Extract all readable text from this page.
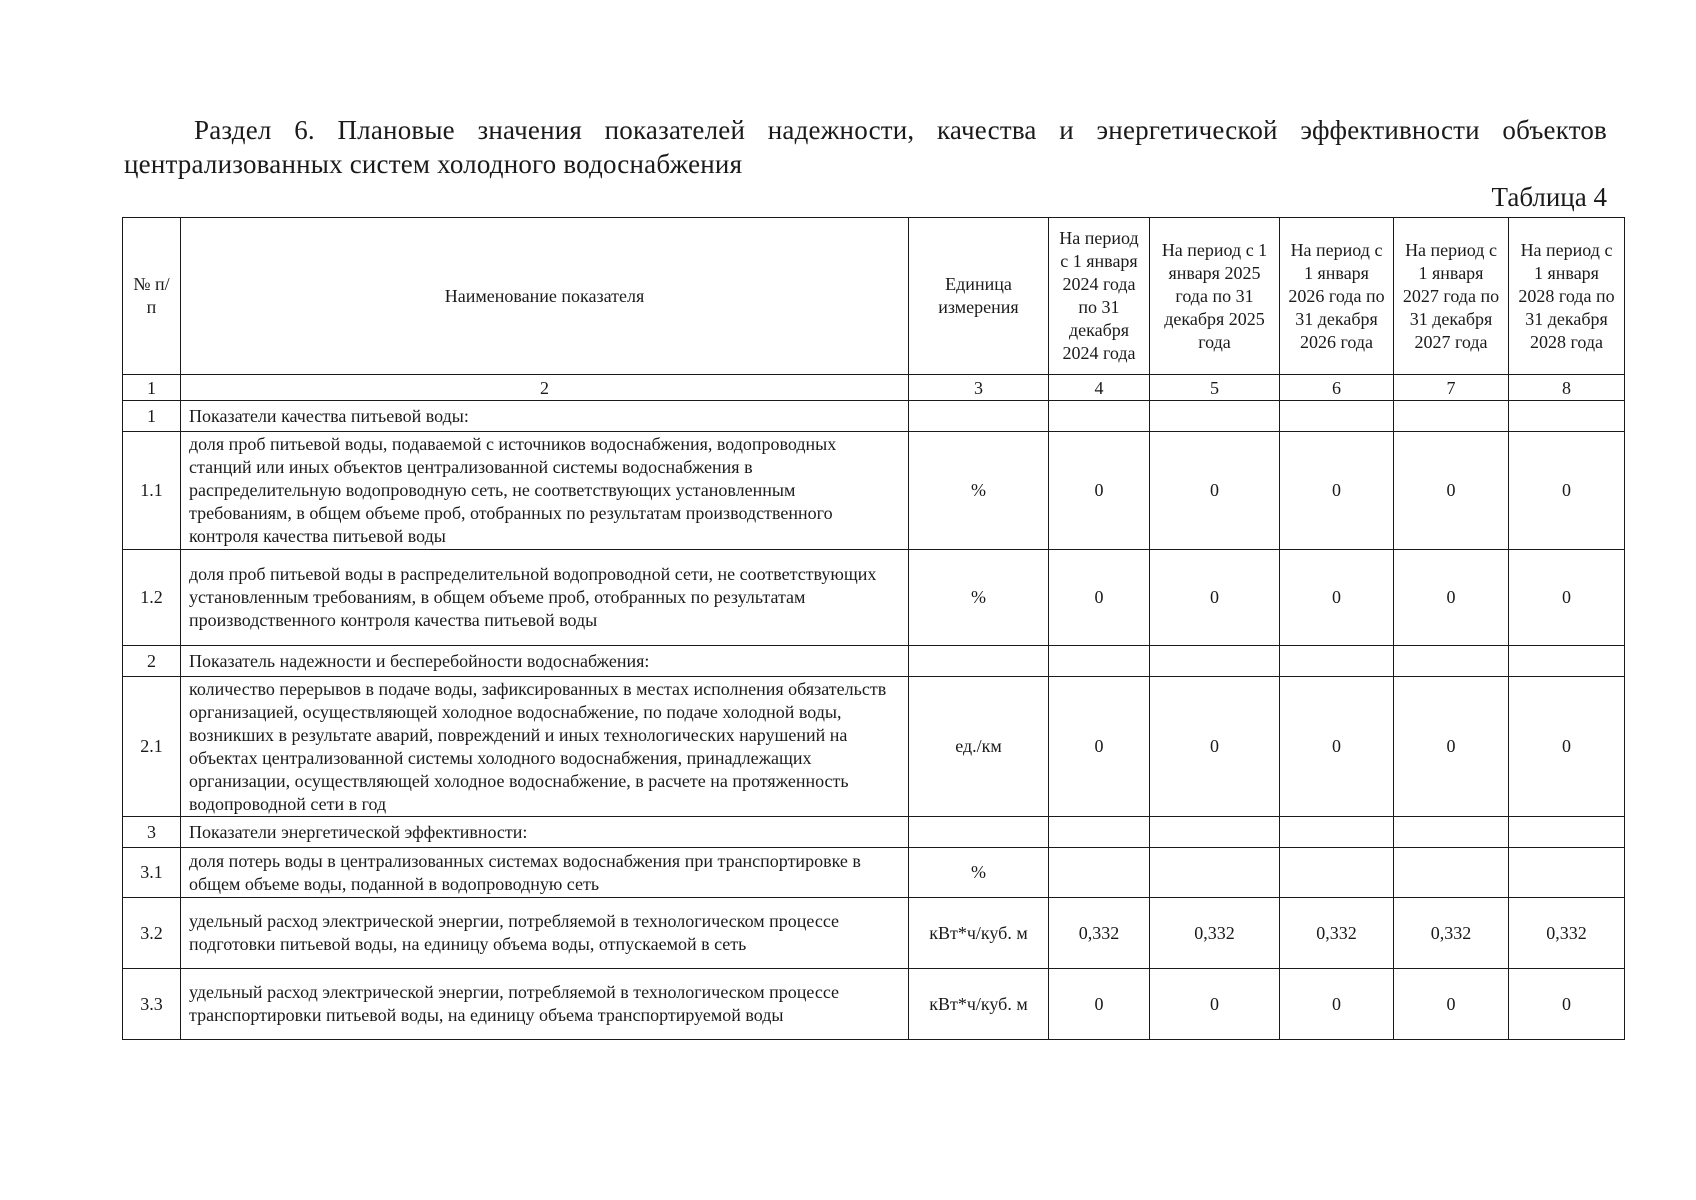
Раздел 6. Плановые значения показателей надежности, качества и энергетической эффективности объектов
централизованных систем холодного водоснабжения
Таблица 4
№ п/п	Наименование показателя	Единица измерения	На период с 1 января 2024 года по 31 декабря 2024 года	На период с 1 января 2025 года по 31 декабря 2025 года	На период с 1 января 2026 года по 31 декабря 2026 года	На период с 1 января 2027 года по 31 декабря 2027 года	На период с 1 января 2028 года по 31 декабря 2028 года
1	2	3	4	5	6	7	8
1	Показатели качества питьевой воды:						
1.1	доля проб питьевой воды, подаваемой с источников водоснабжения, водопроводных станций или иных объектов централизованной системы водоснабжения в распределительную водопроводную сеть, не соответствующих установленным требованиям, в общем объеме проб, отобранных по результатам производственного контроля качества питьевой воды	%	0	0	0	0	0
1.2	доля проб питьевой воды в распределительной водопроводной сети, не соответствующих установленным требованиям, в общем объеме проб, отобранных по результатам производственного контроля качества питьевой воды	%	0	0	0	0	0
2	Показатель надежности и бесперебойности водоснабжения:						
2.1	количество перерывов в подаче воды, зафиксированных в местах исполнения обязательств организацией, осуществляющей холодное водоснабжение, по подаче холодной воды, возникших в результате аварий, повреждений и иных технологических нарушений на объектах централизованной системы холодного водоснабжения, принадлежащих организации, осуществляющей холодное водоснабжение, в расчете на протяженность водопроводной сети в год	ед./км	0	0	0	0	0
3	Показатели энергетической эффективности:						
3.1	доля потерь воды в централизованных системах водоснабжения при транспортировке в общем объеме воды, поданной в водопроводную сеть	%					
3.2	удельный расход электрической энергии, потребляемой в технологическом процессе подготовки питьевой воды, на единицу объема воды, отпускаемой в сеть	кВт*ч/куб. м	0,332	0,332	0,332	0,332	0,332
3.3	удельный расход электрической энергии, потребляемой в технологическом процессе транспортировки питьевой воды, на единицу объема транспортируемой воды	кВт*ч/куб. м	0	0	0	0	0
